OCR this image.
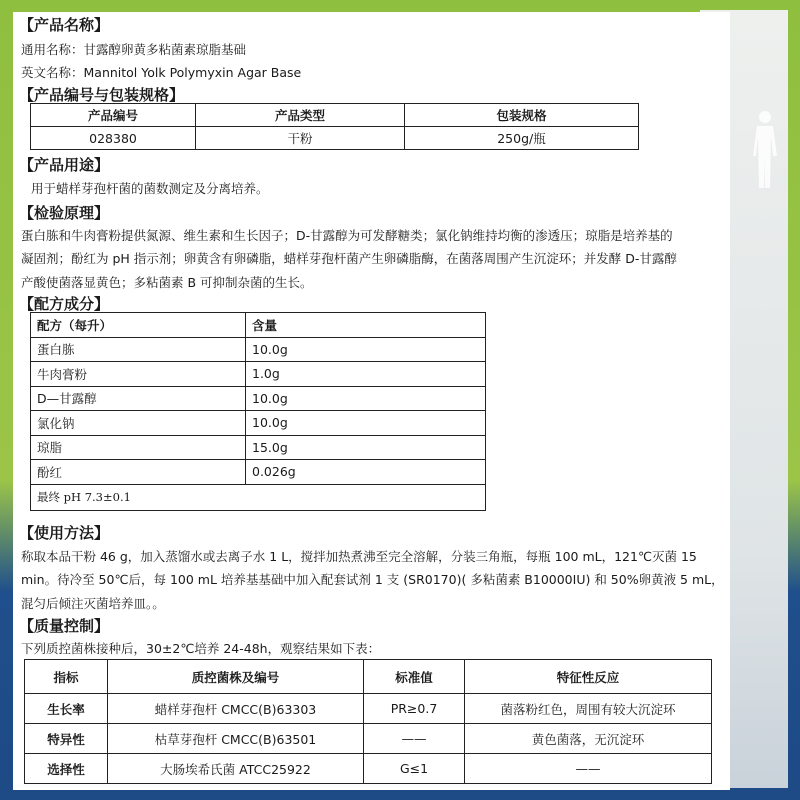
【产品名称】
通用名称：甘露醇卵黄多粘菌素琼脂基础
英文名称：Mannitol Yolk Polymyxin Agar Base
【产品编号与包装规格】
产品编号	产品类型	包装规格
028380	干粉	250g/瓶
【产品用途】
用于蜡样芽孢杆菌的菌数测定及分离培养。
【检验原理】
蛋白胨和牛肉膏粉提供氮源、维生素和生长因子；D-甘露醇为可发酵糖类；氯化钠维持均衡的渗透压；琼脂是培养基的
凝固剂；酚红为 pH 指示剂；卵黄含有卵磷脂，蜡样芽孢杆菌产生卵磷脂酶，在菌落周围产生沉淀环；并发酵 D-甘露醇
产酸使菌落显黄色；多粘菌素 B 可抑制杂菌的生长。
【配方成分】
配方（每升）	含量
蛋白胨	10.0g
牛肉膏粉	1.0g
D—甘露醇	10.0g
氯化钠	10.0g
琼脂	15.0g
酚红	0.026g
最终 pH 7.3±0.1	
【使用方法】
称取本品干粉 46 g，加入蒸馏水或去离子水 1 L，搅拌加热煮沸至完全溶解，分装三角瓶，每瓶 100 mL，121℃灭菌 15
min。待冷至 50℃后，每 100 mL 培养基基础中加入配套试剂 1 支 (SR0170)( 多粘菌素 B10000IU) 和 50%卵黄液 5 mL，
混匀后倾注灭菌培养皿。。
【质量控制】
下列质控菌株接种后，30±2℃培养 24-48h，观察结果如下表：
指标	质控菌株及编号	标准值	特征性反应
生长率	蜡样芽孢杆 CMCC(B)63303	PR≥0.7	菌落粉红色，周围有较大沉淀环
特异性	枯草芽孢杆 CMCC(B)63501	——	黄色菌落，无沉淀环
选择性	大肠埃希氏菌 ATCC25922	G≤1	——
